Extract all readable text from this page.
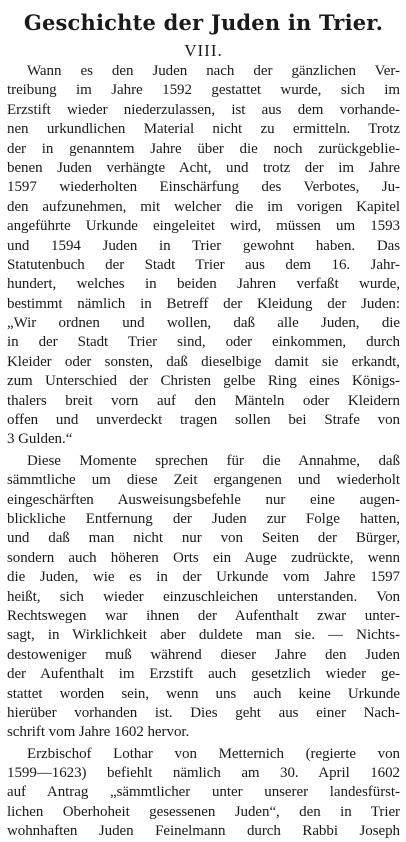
Geschichte der Juden in Trier.
VIII.
Wann es den Juden nach der gänzlichen Ver-
treibung im Jahre 1592 gestattet wurde, sich im
Erzstift wieder niederzulassen, ist aus dem vorhande-
nen urkundlichen Material nicht zu ermitteln. Trotz
der in genanntem Jahre über die noch zurückgeblie-
benen Juden verhängte Acht, und trotz der im Jahre
1597 wiederholten Einschärfung des Verbotes, Ju-
den aufzunehmen, mit welcher die im vorigen Kapitel
angeführte Urkunde eingeleitet wird, müssen um 1593
und 1594 Juden in Trier gewohnt haben. Das
Statutenbuch der Stadt Trier aus dem 16. Jahr-
hundert, welches in beiden Jahren verfaßt wurde,
bestimmt nämlich in Betreff der Kleidung der Juden:
„Wir ordnen und wollen, daß alle Juden, die
in der Stadt Trier sind, oder einkommen, durch
Kleider oder sonsten, daß dieselbige damit sie erkandt,
zum Unterschied der Christen gelbe Ring eines Königs-
thalers breit vorn auf den Mänteln oder Kleidern
offen und unverdeckt tragen sollen bei Strafe von
3 Gulden.“
Diese Momente sprechen für die Annahme, daß
sämmtliche um diese Zeit ergangenen und wiederholt
eingeschärften Ausweisungsbefehle nur eine augen-
blickliche Entfernung der Juden zur Folge hatten,
und daß man nicht nur von Seiten der Bürger,
sondern auch höheren Orts ein Auge zudrückte, wenn
die Juden, wie es in der Urkunde vom Jahre 1597
heißt, sich wieder einzuschleichen unterstanden. Von
Rechtswegen war ihnen der Aufenthalt zwar unter-
sagt, in Wirklichkeit aber duldete man sie. — Nichts-
destoweniger muß während dieser Jahre den Juden
der Aufenthalt im Erzstift auch gesetzlich wieder ge-
stattet worden sein, wenn uns auch keine Urkunde
hierüber vorhanden ist. Dies geht aus einer Nach-
schrift vom Jahre 1602 hervor.
Erzbischof Lothar von Metternich (regierte von
1599—1623) befiehlt nämlich am 30. April 1602
auf Antrag „sämmtlicher unter unserer landesfürst-
lichen Oberhoheit gesessenen Juden“, den in Trier
wohnhaften Juden Feinelmann durch Rabbi Joseph
